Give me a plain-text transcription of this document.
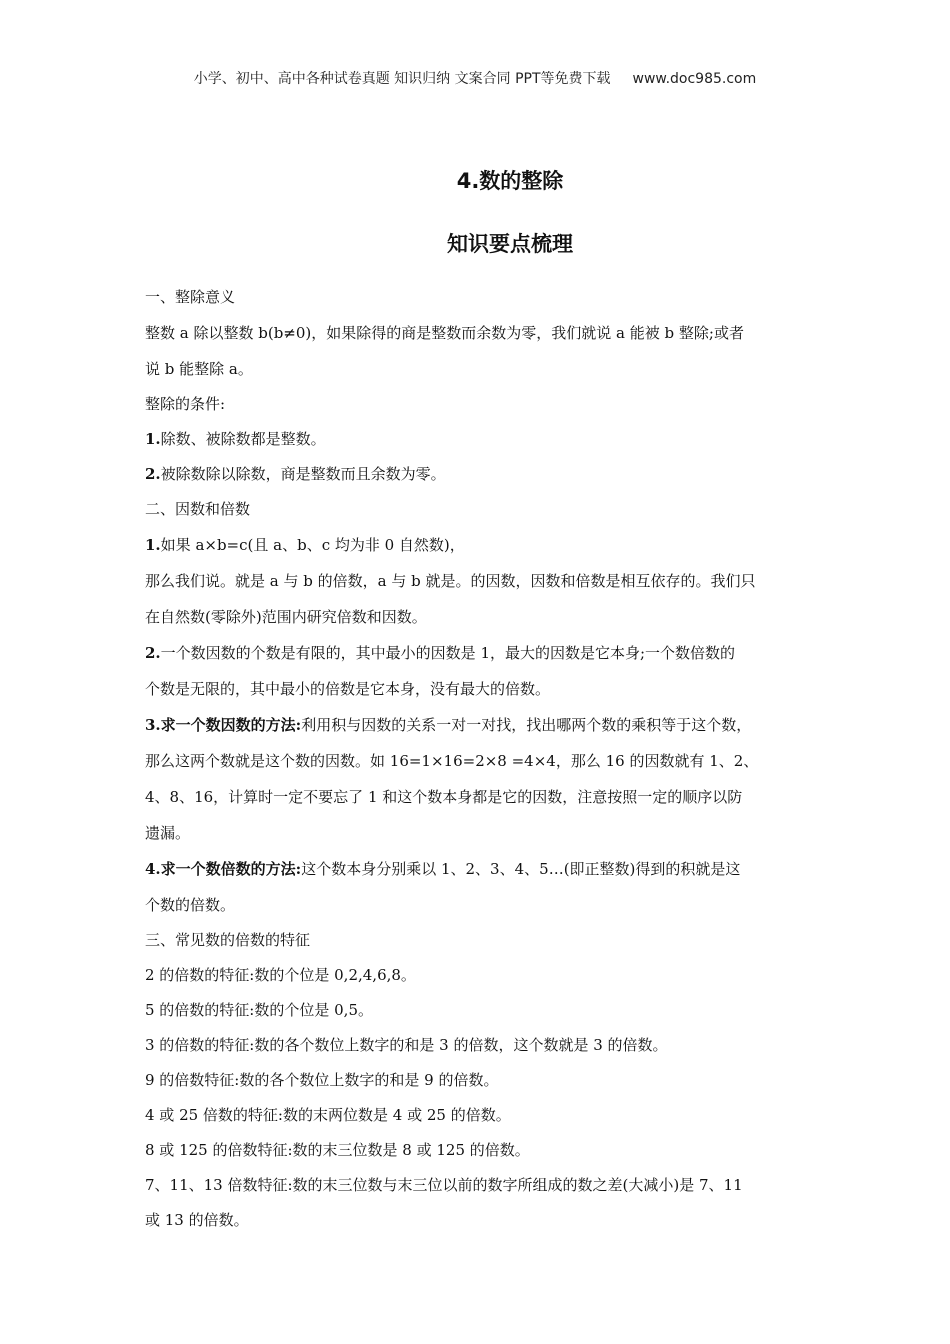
小学、初中、高中各种试卷真题 知识归纳 文案合同 PPT等免费下载 www.doc985.com
4.数的整除
知识要点梳理

一、整除意义

整数 a 除以整数 b(b≠0)，如果除得的商是整数而余数为零，我们就说 a 能被 b 整除;或者

说 b 能整除 a。

整除的条件:

1.除数、被除数都是整数。

2.被除数除以除数，商是整数而且余数为零。

二、因数和倍数

1.如果 a×b=c(且 a、b、c 均为非 0 自然数)，

那么我们说。就是 a 与 b 的倍数，a 与 b 就是。的因数，因数和倍数是相互依存的。我们只

在自然数(零除外)范围内研究倍数和因数。

2.一个数因数的个数是有限的，其中最小的因数是 1，最大的因数是它本身;一个数倍数的

个数是无限的，其中最小的倍数是它本身，没有最大的倍数。

3.求一个数因数的方法:利用积与因数的关系一对一对找，找出哪两个数的乘积等于这个数，

那么这两个数就是这个数的因数。如 16=1×16=2×8 =4×4，那么 16 的因数就有 1、2、

4、8、16，计算时一定不要忘了 1 和这个数本身都是它的因数，注意按照一定的顺序以防

遗漏。

4.求一个数倍数的方法:这个数本身分别乘以 1、2、3、4、5…(即正整数)得到的积就是这

个数的倍数。

三、常见数的倍数的特征

2 的倍数的特征:数的个位是 0,2,4,6,8。

5 的倍数的特征:数的个位是 0,5。

3 的倍数的特征:数的各个数位上数字的和是 3 的倍数，这个数就是 3 的倍数。

9 的倍数特征:数的各个数位上数字的和是 9 的倍数。

4 或 25 倍数的特征:数的末两位数是 4 或 25 的倍数。

8 或 125 的倍数特征:数的末三位数是 8 或 125 的倍数。

7、11、13 倍数特征:数的末三位数与末三位以前的数字所组成的数之差(大减小)是 7、11

或 13 的倍数。
